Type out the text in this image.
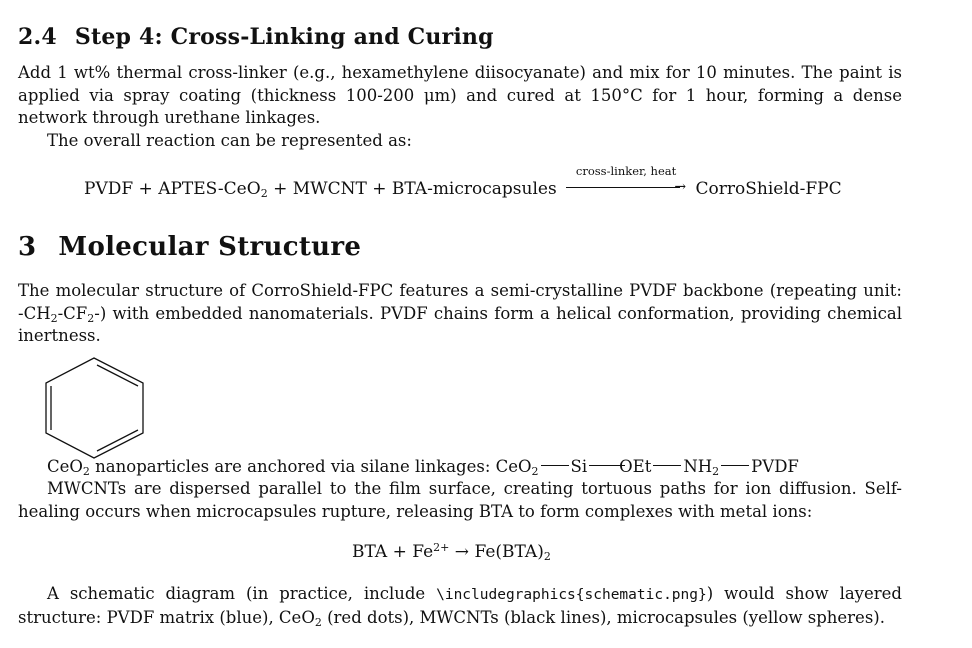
2.4 Step 4: Cross-Linking and Curing
Add 1 wt% thermal cross-linker (e.g., hexamethylene diisocyanate) and mix for 10 minutes. The paint is applied via spray coating (thickness 100-200 μm) and cured at 150°C for 1 hour, forming a dense network through urethane linkages.
The overall reaction can be represented as:
PVDF + APTES-CeO$_2$ + MWCNT + BTA-microcapsules
cross-linker, heat
→ CorroShield-FPC
3 Molecular Structure
The molecular structure of CorroShield-FPC features a semi-crystalline PVDF backbone (repeating unit: $-CH_2-CF_2-$) with embedded nanomaterials. PVDF chains form a helical conformation, providing chemical inertness.
CeO$_2$ nanoparticles are anchored via silane linkages: CeO$_2$ Si OEt $NH_2$ PVDF
MWCNTs are dispersed parallel to the film surface, creating tortuous paths for ion diffusion. Self-healing occurs when microcapsules rupture, releasing BTA to form complexes with metal ions:
BTA + $Fe^{2+} \to Fe(BTA)_2$
A schematic diagram (in practice, include \includegraphics{schematic.png}) would show layered structure: PVDF matrix (blue), CeO$_2$ (red dots), MWCNTs (black lines), microcapsules (yellow spheres).
